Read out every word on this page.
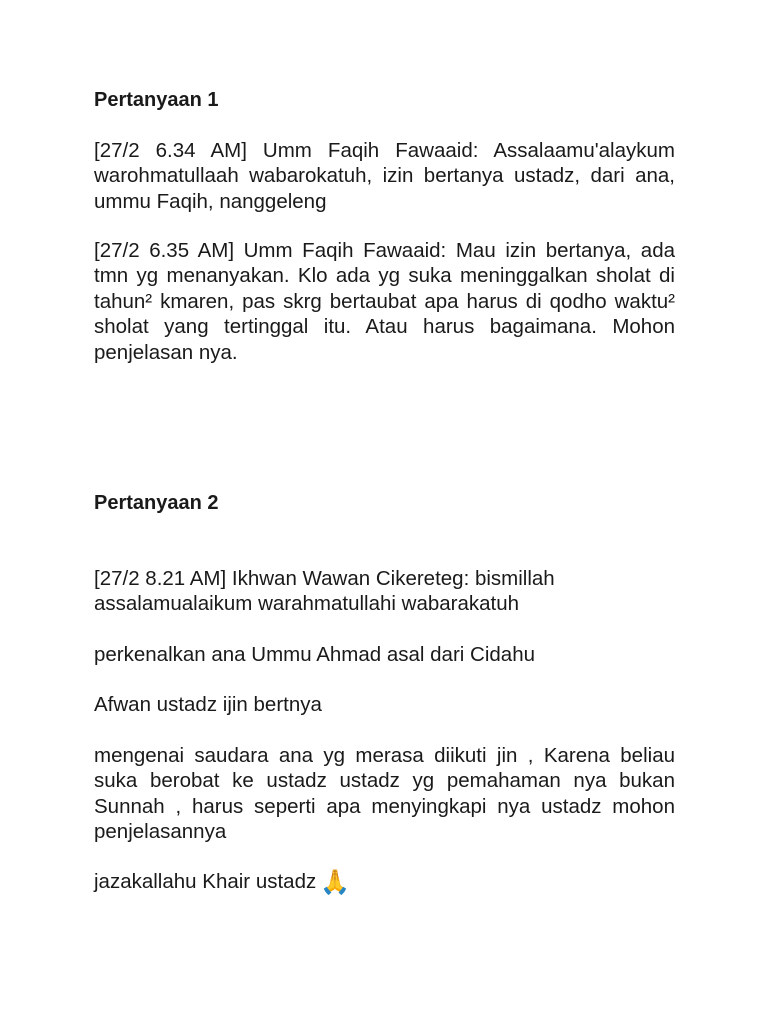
Pertanyaan 1

[27/2 6.34 AM] Umm Faqih Fawaaid: Assalaamu'alaykum warohmatullaah wabarokatuh, izin bertanya ustadz, dari ana, ummu Faqih, nanggeleng

[27/2 6.35 AM] Umm Faqih Fawaaid: Mau izin bertanya, ada tmn yg menanyakan. Klo ada yg suka meninggalkan sholat di tahun² kmaren, pas skrg bertaubat apa harus di qodho waktu² sholat yang tertinggal itu. Atau harus bagaimana. Mohon penjelasan nya.

Pertanyaan 2

[27/2 8.21 AM] Ikhwan Wawan Cikereteg: bismillah assalamualaikum warahmatullahi wabarakatuh

perkenalkan ana Ummu Ahmad asal dari Cidahu

Afwan ustadz ijin bertnya

mengenai saudara ana yg merasa diikuti jin , Karena beliau suka berobat ke ustadz ustadz yg pemahaman nya bukan Sunnah , harus seperti apa menyingkapi nya ustadz mohon penjelasannya

jazakallahu Khair ustadz 🙏
